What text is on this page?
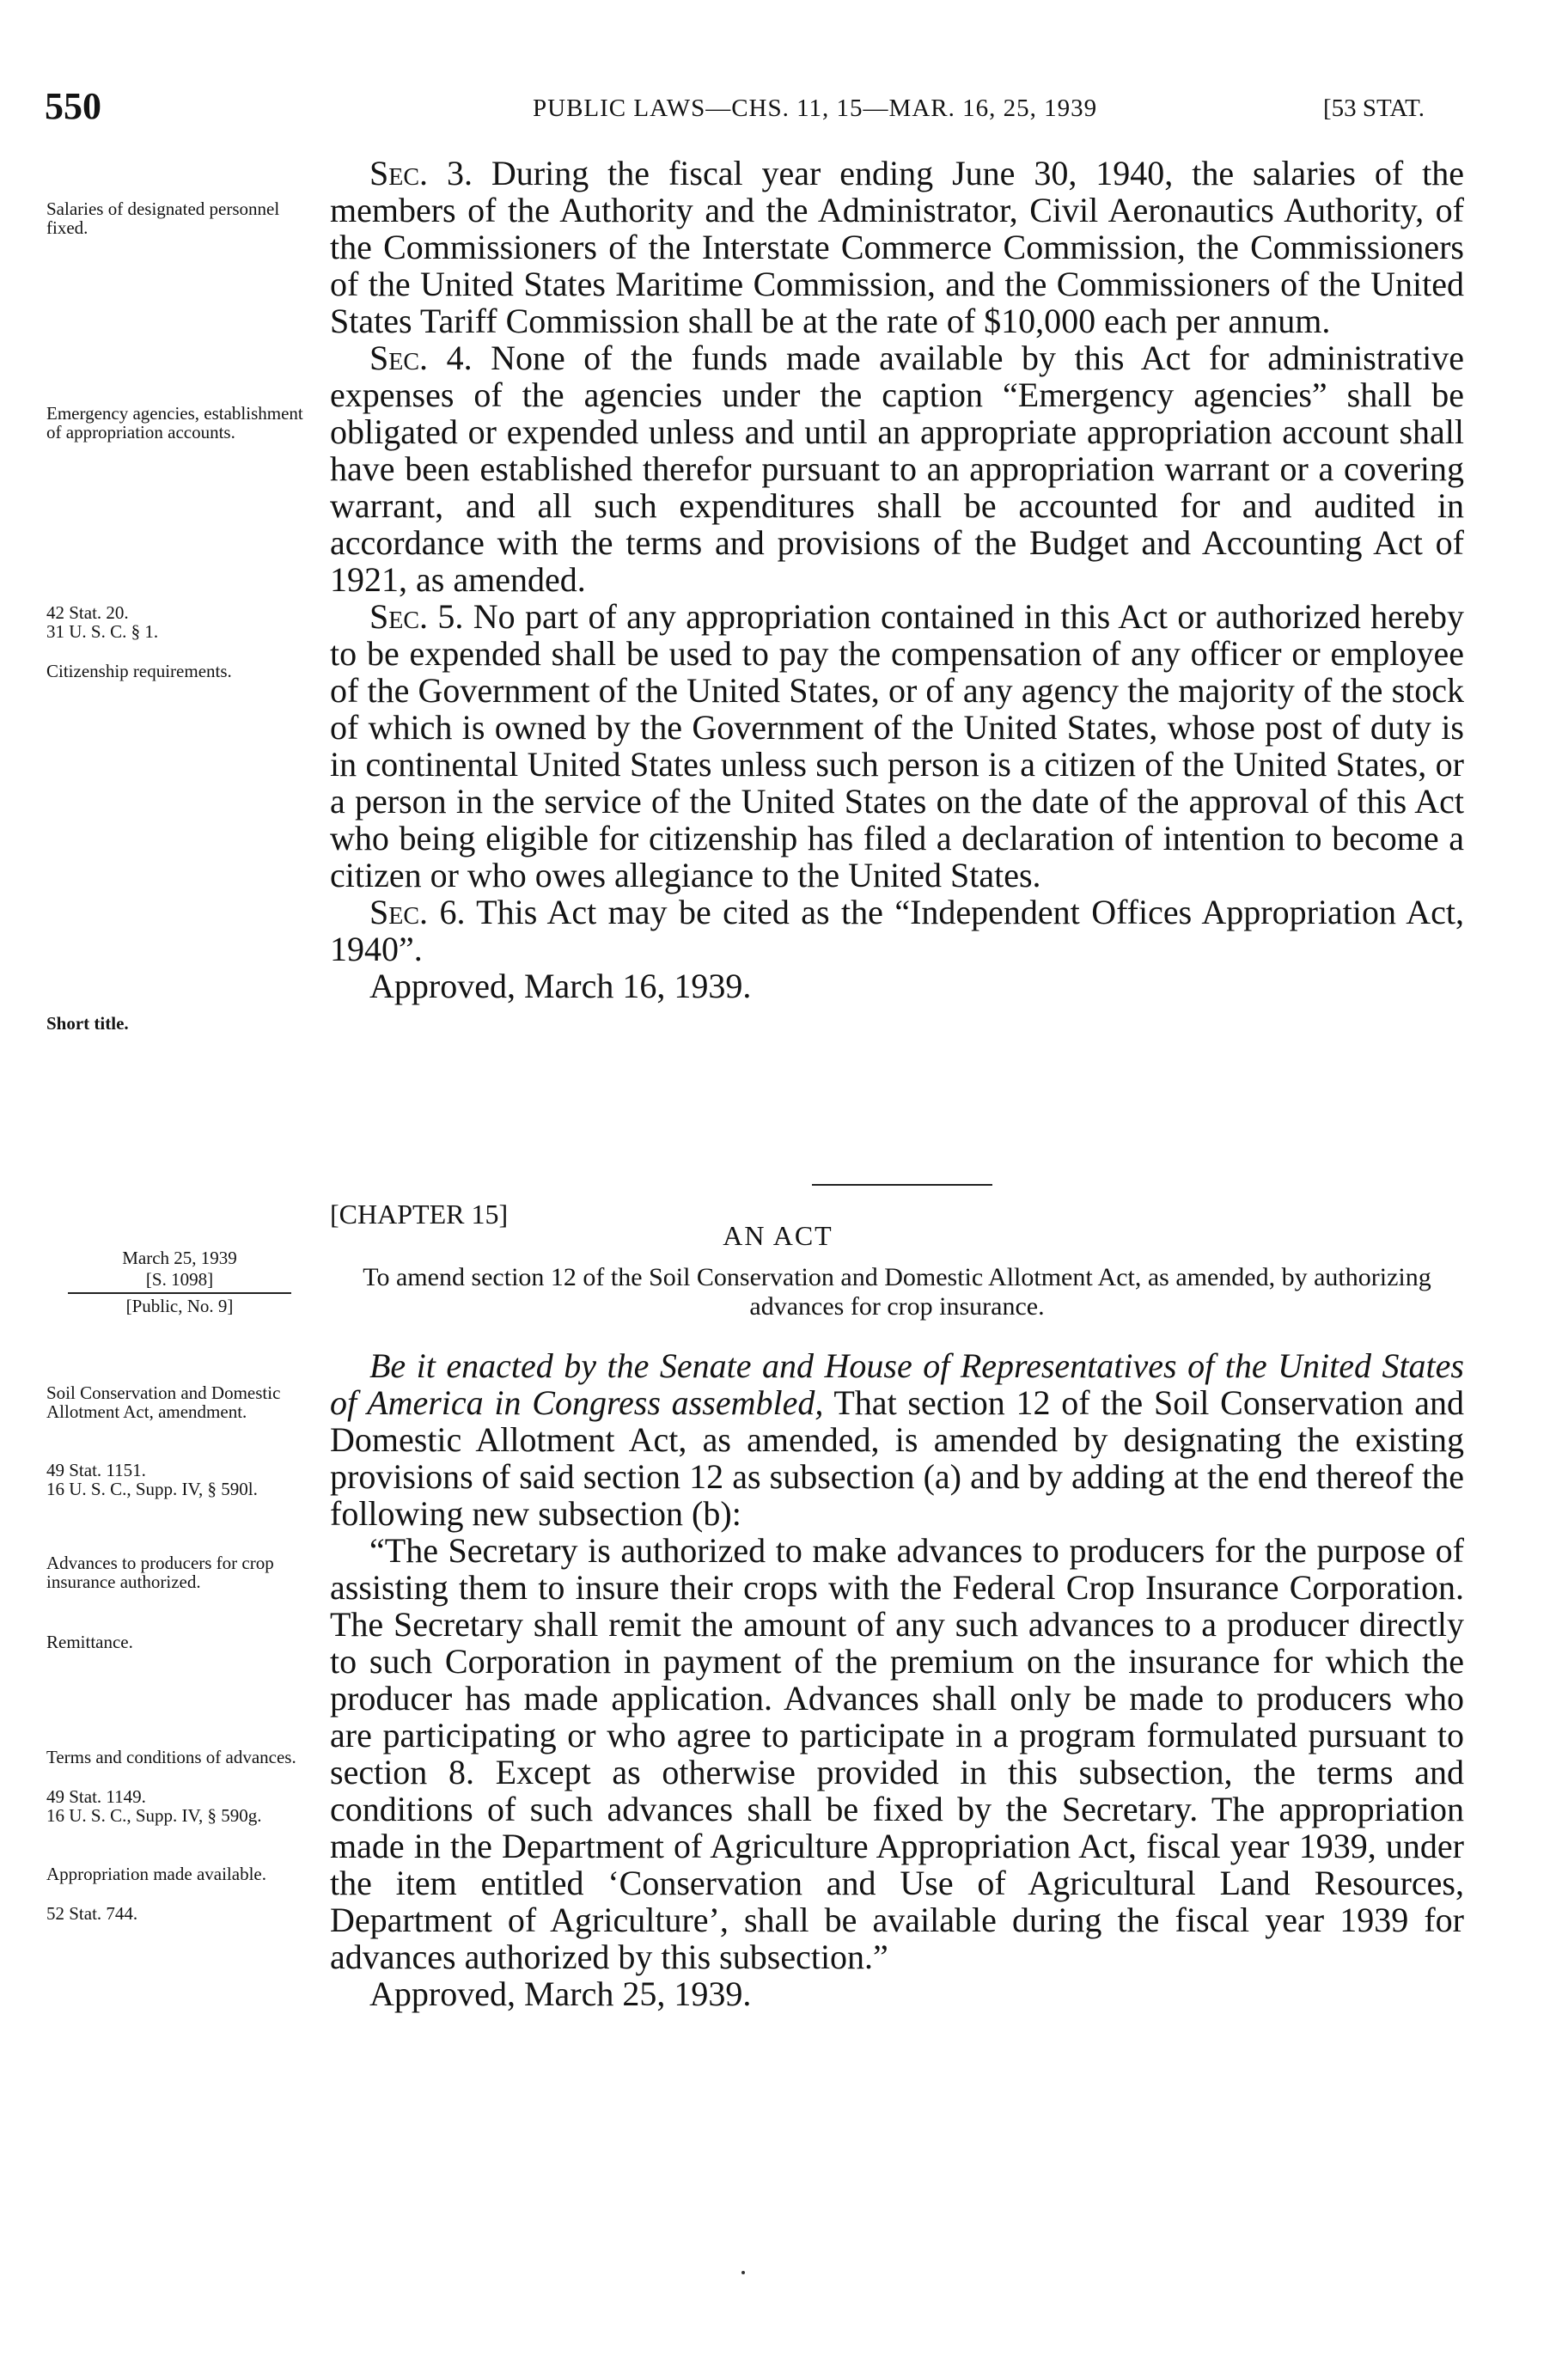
550	PUBLIC LAWS—CHS. 11, 15—MAR. 16, 25, 1939	[53 STAT.
Salaries of designated personnel fixed.
Emergency agencies, establishment of appropriation accounts.
42 Stat. 20.
31 U. S. C. § 1.
Citizenship requirements.
Short title.
March 25, 1939
[S. 1098]
[Public, No. 9]
Soil Conservation and Domestic Allotment Act, amendment.
49 Stat. 1151.
16 U. S. C., Supp. IV, § 590l.
Advances to producers for crop insurance authorized.
Remittance.
Terms and conditions of advances.
49 Stat. 1149.
16 U. S. C., Supp. IV, § 590g.
Appropriation made available.
52 Stat. 744.

Sec. 3. During the fiscal year ending June 30, 1940, the salaries of the members of the Authority and the Administrator, Civil Aeronautics Authority, of the Commissioners of the Interstate Commerce Commission, the Commissioners of the United States Maritime Commission, and the Commissioners of the United States Tariff Commission shall be at the rate of $10,000 each per annum.

Sec. 4. None of the funds made available by this Act for administrative expenses of the agencies under the caption “Emergency agencies” shall be obligated or expended unless and until an appropriate appropriation account shall have been established therefor pursuant to an appropriation warrant or a covering warrant, and all such expenditures shall be accounted for and audited in accordance with the terms and provisions of the Budget and Accounting Act of 1921, as amended.

Sec. 5. No part of any appropriation contained in this Act or authorized hereby to be expended shall be used to pay the compensation of any officer or employee of the Government of the United States, or of any agency the majority of the stock of which is owned by the Government of the United States, whose post of duty is in continental United States unless such person is a citizen of the United States, or a person in the service of the United States on the date of the approval of this Act who being eligible for citizenship has filed a declaration of intention to become a citizen or who owes allegiance to the United States.

Sec. 6. This Act may be cited as the “Independent Offices Appropriation Act, 1940”.

Approved, March 16, 1939.

[CHAPTER 15]
AN ACT
To amend section 12 of the Soil Conservation and Domestic Allotment Act, as amended, by authorizing advances for crop insurance.

Be it enacted by the Senate and House of Representatives of the United States of America in Congress assembled, That section 12 of the Soil Conservation and Domestic Allotment Act, as amended, is amended by designating the existing provisions of said section 12 as subsection (a) and by adding at the end thereof the following new subsection (b):

“The Secretary is authorized to make advances to producers for the purpose of assisting them to insure their crops with the Federal Crop Insurance Corporation. The Secretary shall remit the amount of any such advances to a producer directly to such Corporation in payment of the premium on the insurance for which the producer has made application. Advances shall only be made to producers who are participating or who agree to participate in a program formulated pursuant to section 8. Except as otherwise provided in this subsection, the terms and conditions of such advances shall be fixed by the Secretary. The appropriation made in the Department of Agriculture Appropriation Act, fiscal year 1939, under the item entitled ‘Conservation and Use of Agricultural Land Resources, Department of Agriculture’, shall be available during the fiscal year 1939 for advances authorized by this subsection.”

Approved, March 25, 1939.
